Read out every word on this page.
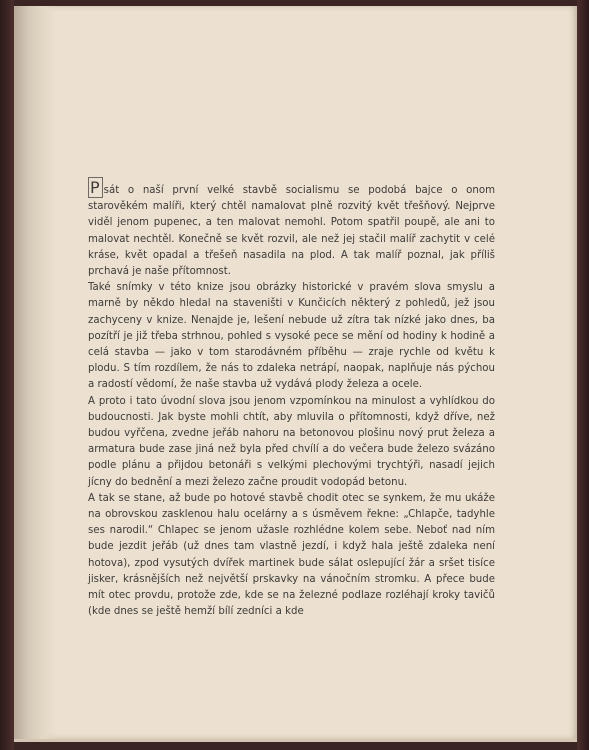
Psát o naší první velké stavbě socialismu se podobá bajce o onom starověkém malíři, který chtěl namalovat plně rozvitý květ třešňový. Nejprve viděl jenom pupenec, a ten malovat nemohl. Potom spatřil poupě, ale ani to malovat nechtěl. Konečně se květ rozvil, ale než jej stačil malíř zachytit v celé kráse, květ opadal a třešeň nasadila na plod. A tak malíř poznal, jak příliš prchavá je naše přítomnost.

Také snímky v této knize jsou obrázky historické v pravém slova smyslu a marně by někdo hledal na staveništi v Kunčicích některý z pohledů, jež jsou zachyceny v knize. Nenajde je, lešení nebude už zítra tak nízké jako dnes, ba pozítří je již třeba strhnou, pohled s vysoké pece se mění od hodiny k hodině a celá stavba — jako v tom starodávném příběhu — zraje rychle od květu k plodu. S tím rozdílem, že nás to zdaleka netrápí, naopak, naplňuje nás pýchou a radostí vědomí, že naše stavba už vydává plody železa a ocele.

A proto i tato úvodní slova jsou jenom vzpomínkou na minulost a vyhlídkou do budoucnosti. Jak byste mohli chtít, aby mluvila o přítomnosti, když dříve, než budou vyřčena, zvedne jeřáb nahoru na betonovou plošinu nový prut železa a armatura bude zase jiná než byla před chvílí a do večera bude železo svázáno podle plánu a přijdou betonáři s velkými plechovými trychtýři, nasadí jejich jícny do bednění a mezi železo začne proudit vodopád betonu.

A tak se stane, až bude po hotové stavbě chodit otec se synkem, že mu ukáže na obrovskou zasklenou halu ocelárny a s úsměvem řekne: „Chlapče, tadyhle ses narodil.“ Chlapec se jenom užasle rozhlédne kolem sebe. Neboť nad ním bude jezdit jeřáb (už dnes tam vlastně jezdí, i když hala ještě zdaleka není hotova), zpod vysutých dvířek martinek bude sálat oslepující žár a sršet tisíce jisker, krásnějších než největší prskavky na vánočním stromku. A přece bude mít otec provdu, protože zde, kde se na železné podlaze rozléhají kroky tavičů (kde dnes se ještě hemží bílí zedníci a kde
